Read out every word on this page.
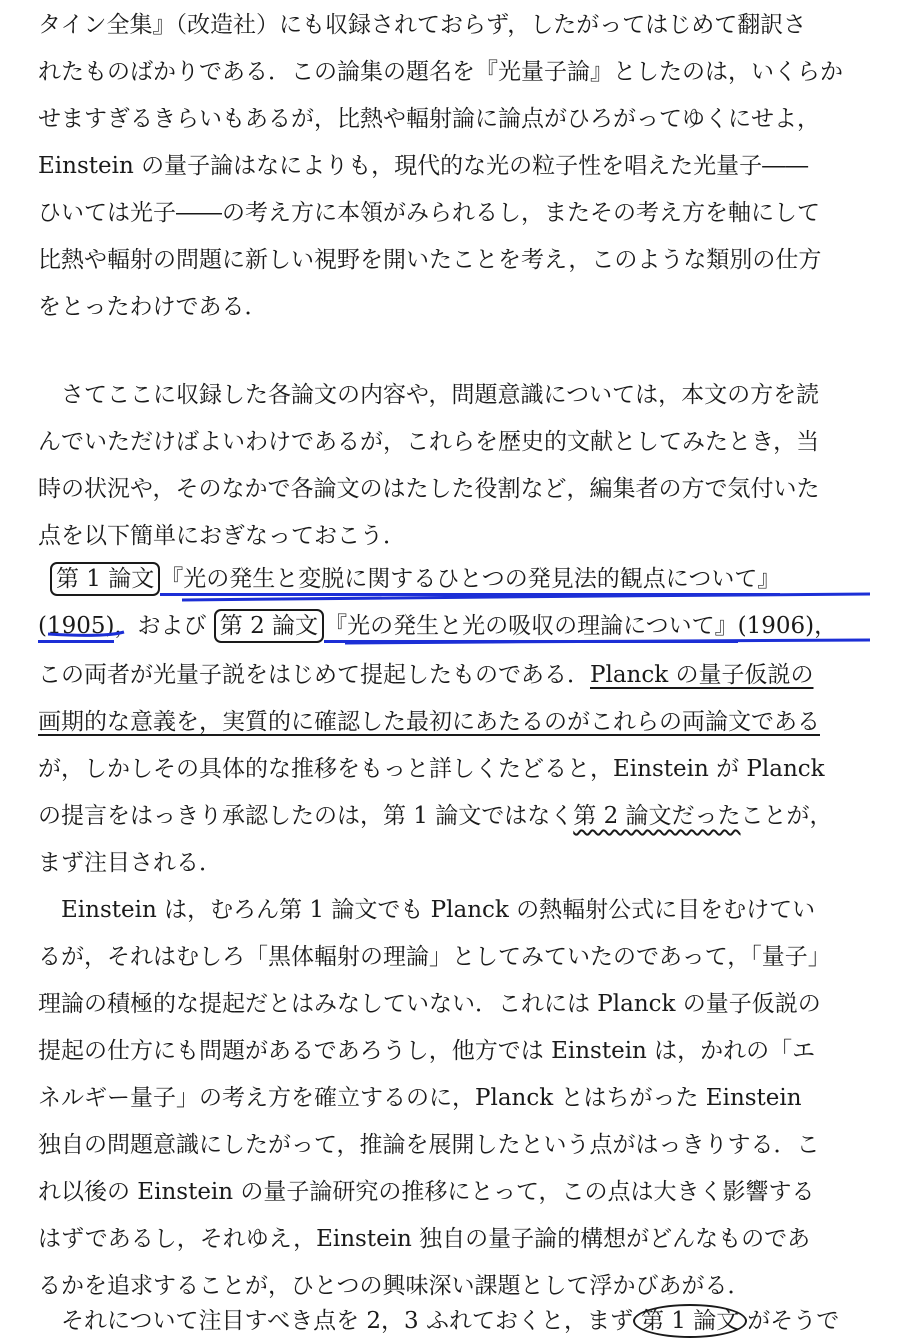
タイン全集』（改造社）にも収録されておらず，したがってはじめて翻訳さ
れたものばかりである．この論集の題名を『光量子論』としたのは，いくらか
せますぎるきらいもあるが，比熱や輻射論に論点がひろがってゆくにせよ，
Einstein の量子論はなによりも，現代的な光の粒子性を唱えた光量子――
ひいては光子――の考え方に本領がみられるし，またその考え方を軸にして
比熱や輻射の問題に新しい視野を開いたことを考え，このような類別の仕方
をとったわけである．
　さてここに収録した各論文の内容や，問題意識については，本文の方を読
んでいただけばよいわけであるが，これらを歴史的文献としてみたとき，当
時の状況や，そのなかで各論文のはたした役割など，編集者の方で気付いた
点を以下簡単におぎなっておこう．
第 1 論文 『光の発生と変脱に関するひとつの発見法的観点について』
(1905)，および 第 2 論文 『光の発生と光の吸収の理論について』(1906)，
この両者が光量子説をはじめて提起したものである．Planck の量子仮説の
画期的な意義を，実質的に確認した最初にあたるのがこれらの両論文である
が，しかしその具体的な推移をもっと詳しくたどると，Einstein が Planck
の提言をはっきり承認したのは，第 1 論文ではなく第 2 論文だったことが，
まず注目される．
　Einstein は，むろん第 1 論文でも Planck の熱輻射公式に目をむけてい
るが，それはむしろ「黒体輻射の理論」としてみていたのであって，「量子」
理論の積極的な提起だとはみなしていない．これには Planck の量子仮説の
提起の仕方にも問題があるであろうし，他方では Einstein は，かれの「エ
ネルギー量子」の考え方を確立するのに，Planck とはちがった Einstein
独自の問題意識にしたがって，推論を展開したという点がはっきりする．こ
れ以後の Einstein の量子論研究の推移にとって，この点は大きく影響する
はずであるし，それゆえ，Einstein 独自の量子論的構想がどんなものであ
るかを追求することが，ひとつの興味深い課題として浮かびあがる．
　それについて注目すべき点を 2，3 ふれておくと，まず 第 1 論文 がそうで
